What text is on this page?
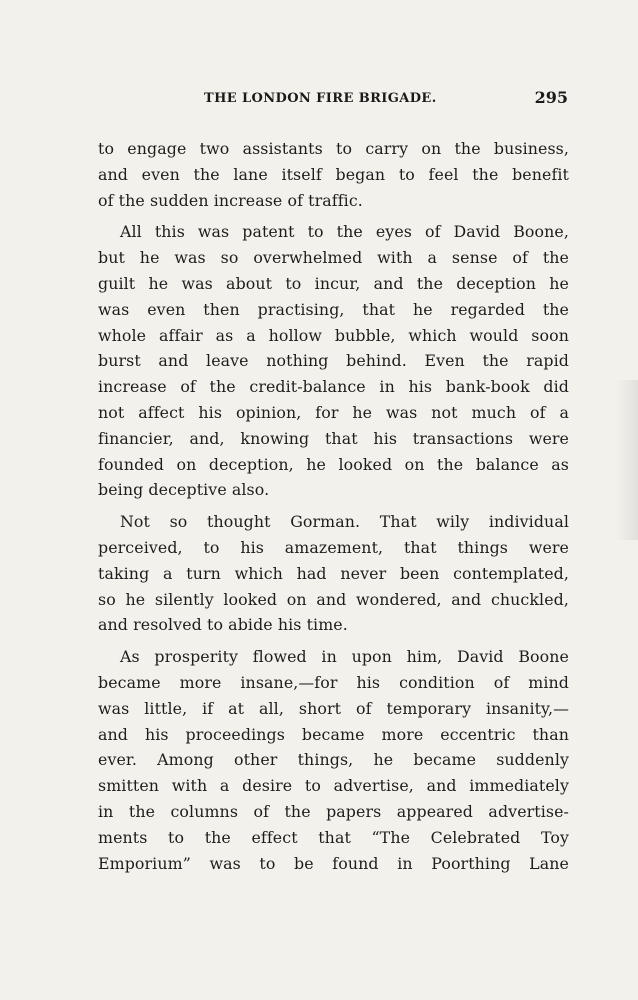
THE LONDON FIRE BRIGADE.	295

to engage two assistants to carry on the business,
and even the lane itself began to feel the benefit
of the sudden increase of traffic.

All this was patent to the eyes of David Boone,
but he was so overwhelmed with a sense of the
guilt he was about to incur, and the deception he
was even then practising, that he regarded the
whole affair as a hollow bubble, which would soon
burst and leave nothing behind. Even the rapid
increase of the credit-balance in his bank-book did
not affect his opinion, for he was not much of a
financier, and, knowing that his transactions were
founded on deception, he looked on the balance as
being deceptive also.

Not so thought Gorman. That wily individual
perceived, to his amazement, that things were
taking a turn which had never been contemplated,
so he silently looked on and wondered, and chuckled,
and resolved to abide his time.

As prosperity flowed in upon him, David Boone
became more insane,—for his condition of mind
was little, if at all, short of temporary insanity,—
and his proceedings became more eccentric than
ever. Among other things, he became suddenly
smitten with a desire to advertise, and immediately
in the columns of the papers appeared advertise-
ments to the effect that “The Celebrated Toy
Emporium” was to be found in Poorthing Lane
